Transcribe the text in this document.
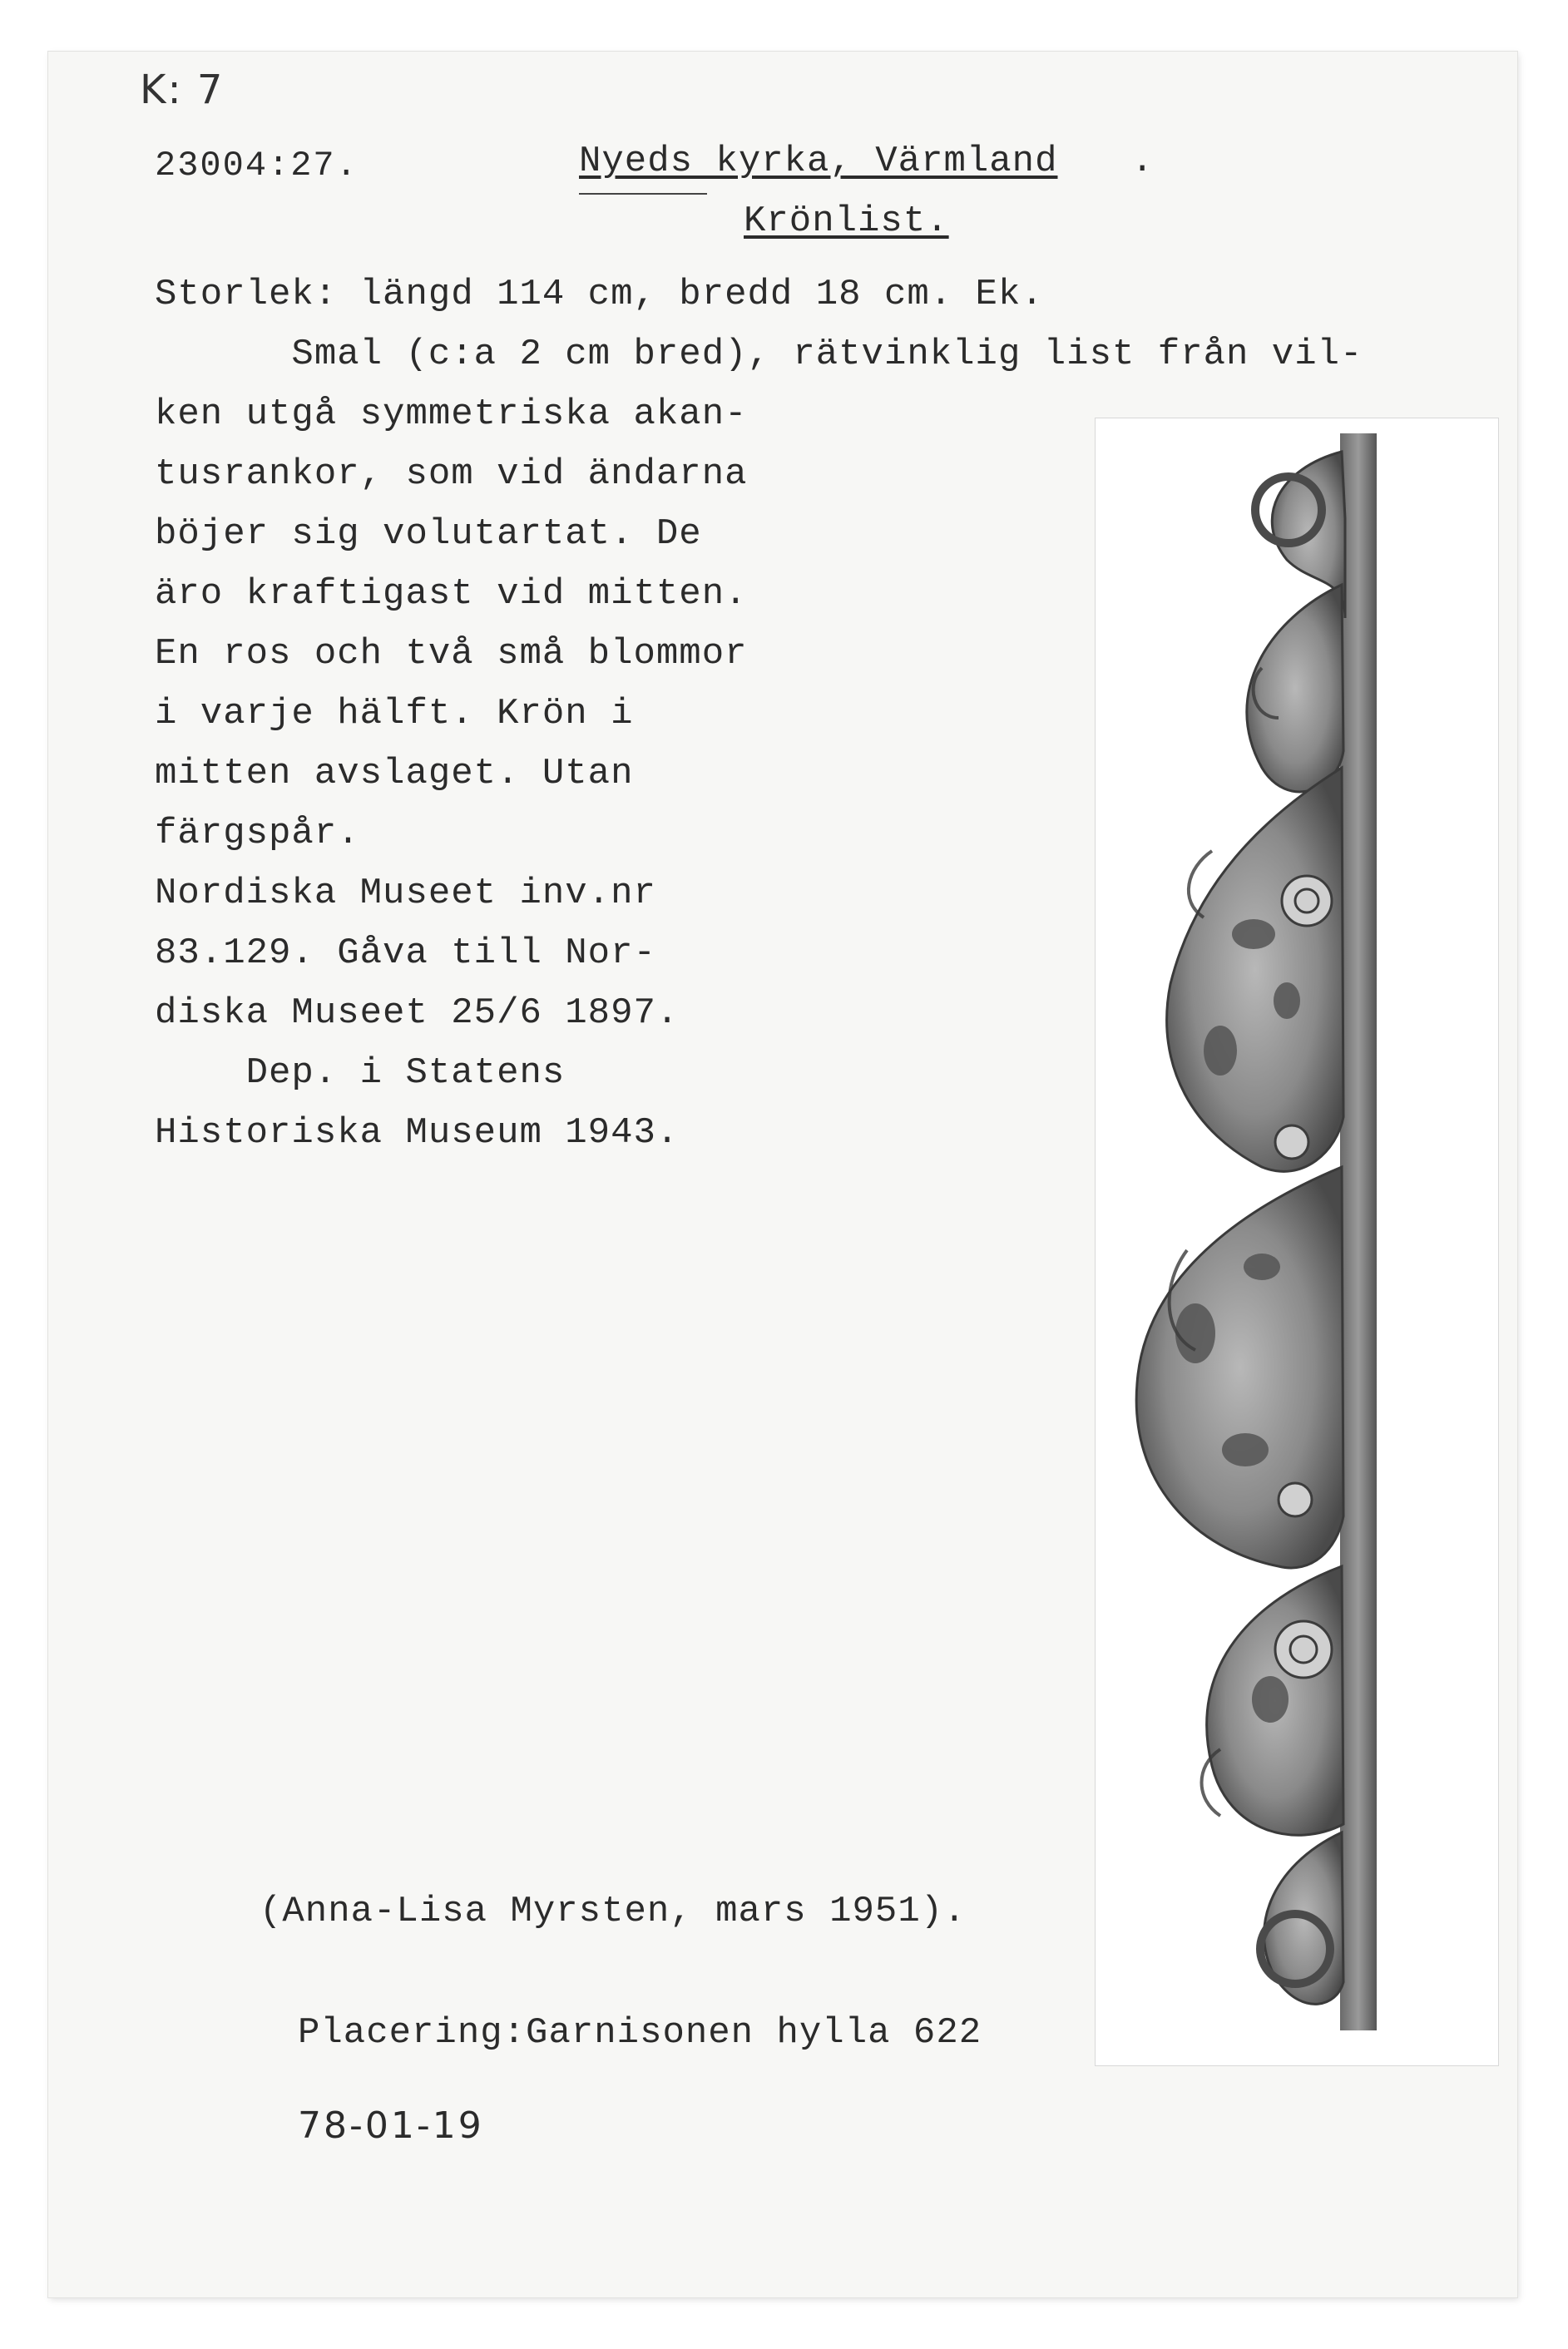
K: 7
23004:27.	Nyeds kyrka, Värmland .
Krönlist.
Storlek: längd 114 cm, bredd 18 cm. Ek.
Smal (c:a 2 cm bred), rätvinklig list från vil-
ken utgå symmetriska akan-
tusrankor, som vid ändarna
böjer sig volutartat. De
äro kraftigast vid mitten.
En ros och två små blommor
i varje hälft. Krön i
mitten avslaget. Utan
färgspår.
Nordiska Museet inv.nr
83.129. Gåva till Nor-
diska Museet 25/6 1897.
Dep. i Statens
Historiska Museum 1943.
(Anna-Lisa Myrsten, mars 1951).
Placering:Garnisonen hylla 622
78-01-19
